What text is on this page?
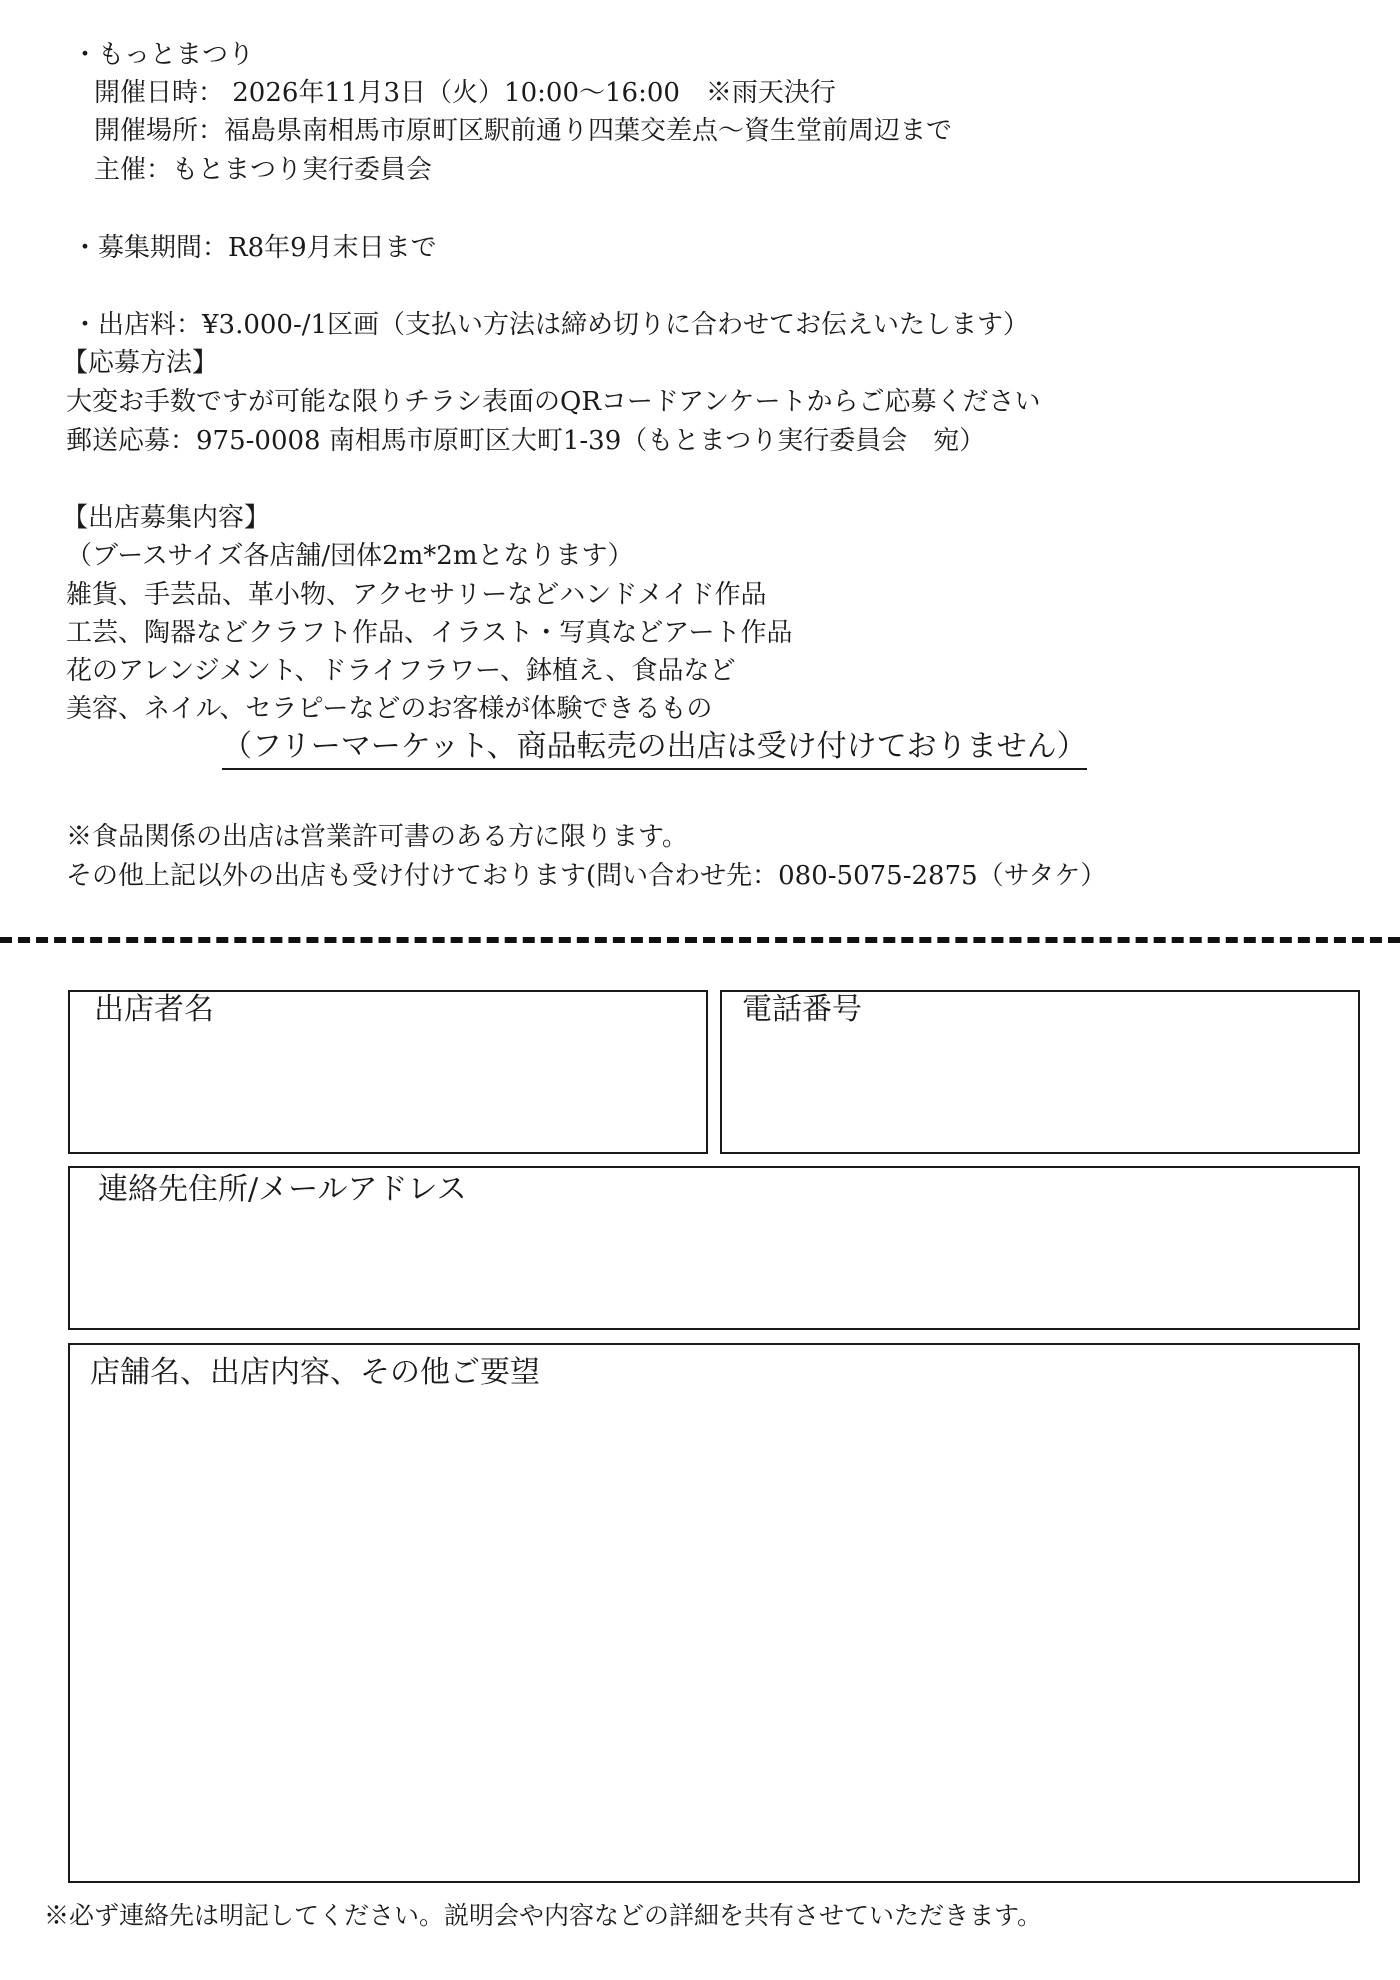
・もっとまつり
開催日時： 2026年11月3日（火）10:00〜16:00　※雨天決行
開催場所：福島県南相馬市原町区駅前通り四葉交差点〜資生堂前周辺まで
主催：もとまつり実行委員会
・募集期間：R8年9月末日まで
・出店料：¥3.000-/1区画（支払い方法は締め切りに合わせてお伝えいたします）
【応募方法】
大変お手数ですが可能な限りチラシ表面のQRコードアンケートからご応募ください
郵送応募：975-0008 南相馬市原町区大町1-39（もとまつり実行委員会　宛）
【出店募集内容】
（ブースサイズ各店舗/団体2m*2mとなります）
雑貨、手芸品、革小物、アクセサリーなどハンドメイド作品
工芸、陶器などクラフト作品、イラスト・写真などアート作品
花のアレンジメント、ドライフラワー、鉢植え、食品など
美容、ネイル、セラピーなどのお客様が体験できるもの
（フリーマーケット、商品転売の出店は受け付けておりません）
※食品関係の出店は営業許可書のある方に限ります。
その他上記以外の出店も受け付けております(問い合わせ先：080-5075-2875（サタケ）
出店者名	電話番号
連絡先住所/メールアドレス
店舗名、出店内容、その他ご要望
※必ず連絡先は明記してください。説明会や内容などの詳細を共有させていただきます。
